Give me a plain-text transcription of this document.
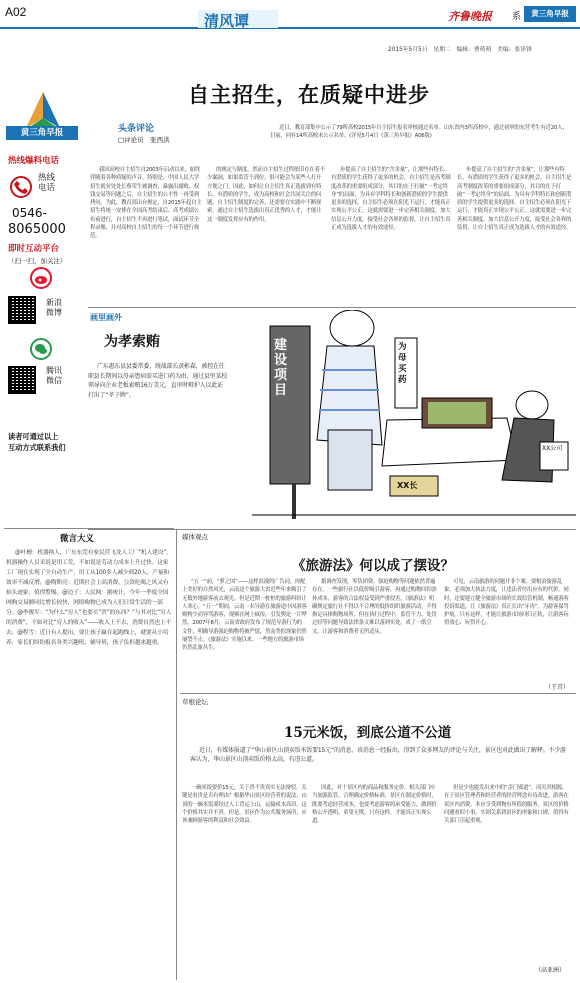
A02	清风谭	齐鲁晚报 系	黄三角早报
2015年5月5日　星期二　编辑：曹萌萌　美编：张泽锋
黄三角早报
热线爆料电话
热线
电话
0546-
8065000
即时互动平台
（扫一扫，加关注）
新浪
微博
腾讯
微信
读者可通过以上
互动方式联系我们
自主招生，在质疑中进步
头条评论
□评论员　张西洪

近日，教育部集中公示了79所高校2015年自主招生报名审核通过名单。山东省内3所高校中，通过初审的东营考生有近20人，目前，同有14所高校未公示名单。(详见5月4日《黄三角早报》A06版)

我国高校自主招生自2003年启动以来，始终伴随着各种质疑的声音。特别是，中国人民大学招生就业处处长蔡荣生被调查，暴露出腐败、权钱交易等问题之后，自主招生的公平性一再受到拷问。为此，教育部出台规定，自2015年起自主招生将统一安排在全国高考结束后、高考成绩公布前进行，自主招生不再进行笔试，面试环节全程录像，并对高校自主招生的每一个环节进行规范。

的规定与制度，然而自主招生过程依旧存在着不少漏洞，如果监管不到位，很可能会为某些人打开方便之门。因此，如何让自主招生真正选拔到有特长、有潜质的学生，成为高校和社会共同关注的问题。自主招生制度的完善，还需要在实践中不断探索。通过自主招生选拔出真正优秀的人才，才能让这一制度发挥应有的作用。

步提高了自主招生的“含金量”，让那些有特长、有潜质的学生获得了更多的机会。自主招生是高考制度改革的重要组成部分，其目的在于打破“一考定终身”的局面，为具有学科特长和创新潜质的学生提供更多的选择。自主招生必须在阳光下运行，才能真正实现公平公正。这就需要进一步完善相关制度，加大信息公开力度，接受社会各界的监督，让自主招生真正成为选拔人才的有效途径。

步提高了自主招生的“含金量”，让那些有特长、有潜质的学生获得了更多的机会。自主招生是高考制度改革的重要组成部分，其目的在于打破“一考定终身”的局面，为具有学科特长和创新潜质的学生提供更多的选择。自主招生必须在阳光下运行，才能真正实现公平公正。这就需要进一步完善相关制度，加大信息公开力度，接受社会各界的监督，让自主招生真正成为选拔人才的有效途径。

画里画外
为孝索贿

广东惠东县县委常委、统战部长黄彬森，被控在任职县长期间以母亲患病需买进口药为由，通过县里某校领导向企业老板索贿16万美元，直审时辩护人以此证打出了“孝子牌”。

建设项目
为母买药
XX长
XX公司
微言大义

@叶檀：机器换人，广东东莞有家民营飞龙人工厂“机人建设”，机器操作人员采说是用工荒，不如说是劳动力成本上升过快。这家工厂现在实现了全自动生产，用工从100多人减少到20人，产量和效率不减反增。@陶斯亮：近期社会上高消费、公款吃喝之风又有抬头迹象，值得警惕。@边子：人民网：据统计，今年一季度全国网购交易额同比增长较快，网络购物已成为人们日常生活的一部分。@李俊军：“为什么“穷人”也要买“贵”的东西？”与其对比“穷人的消费”，不如对比“穷人的收入”——收入上不去，消费自然也上不去。@程雪：近日有人提出，要让孩子赢在起跑线上，就要从小培养，家长们纷纷报名各类兴趣班、辅导班，孩子负担越来越重。

媒体观点
《旅游法》何以成了摆设？

“五一”前，“萝之国”——这样浪漫的广告词，再配上美好的自然风光，云南这个旅游大省近些年来吸引了无数外地游客前去观光。但是近期一桩桩的旅游纠纷让人寒心。“五一”期间，云南一名导游在旅游途中因游客购物少而辱骂游客，视频在网上疯传，引发舆论一片哗然。2007年8月，云南省政府发布了规范导游行为的文件，明确导游强迫购物将被严惩，然而类似现象仍然屡禁不止。《旅游法》实施以来，一些地方的旅游市场仍然乱象丛生。

据调查发现，零负团费、强迫购物等问题依然普遍存在。一些旅行社以低价吸引游客，再通过购物回扣弥补成本，游客的合法权益受到严重侵害。《旅游法》明确规定旅行社不得以不合理的低价组织旅游活动，不得指定具体购物场所，但在执行过程中，监管不力、处罚过轻等问题导致法律条文难以落到实处，成了一纸空文，让游客和消费者无所适从。

可见，云南旅游的问题并非个案。要根治旅游乱象，必须加大执法力度，让违法者付出应有的代价。同时，还要建立健全旅游市场的长效监管机制，畅通游客投诉渠道，让《旅游法》真正长出“牙齿”，为游客保驾护航。只有这样，才能让旅游市场回归正轨，让游客玩得放心、玩得开心。

（王青）
草根论坛
15元米饭，到底公道不公道

近日，有媒体报道了“华山景区山顶卖饭米饭要15元”的消息，该消息一经报出，得到了众多网友的评论与关注，景区也对此做出了解释。不少游客认为，华山景区山顶卖饭价格太高，有违公道。

一碗米饭要价15元，关于贵不贵真实无法辩驳。关键是看贵是否有理由？根据华山景区经营者的说法，山顶的一碗米饭要经过人工背运上山，运输成本高昂，这个价格其实并不贵。但是，景区作为公共服务场所，应该兼顾游客的利益和社会效益。

因此，对于景区内的商品和服务定价，相关部门应当加强监管，合理确定价格标准。景区在制定价格时，既要考虑经营成本，也要考虑游客的承受能力，做到价格公开透明、童叟无欺。只有这样，才能真正实现公道。

但是少也能发出来中的“歪门邪道”。而究其根源，在于景区管理者和经营者的经营理念有待改进。游客在景区内消费，本应享受到物有所值的服务。景区的价格问题看似小事，实则关系到景区的形象和口碑，值得有关部门引起重视。

（高亚洲）
